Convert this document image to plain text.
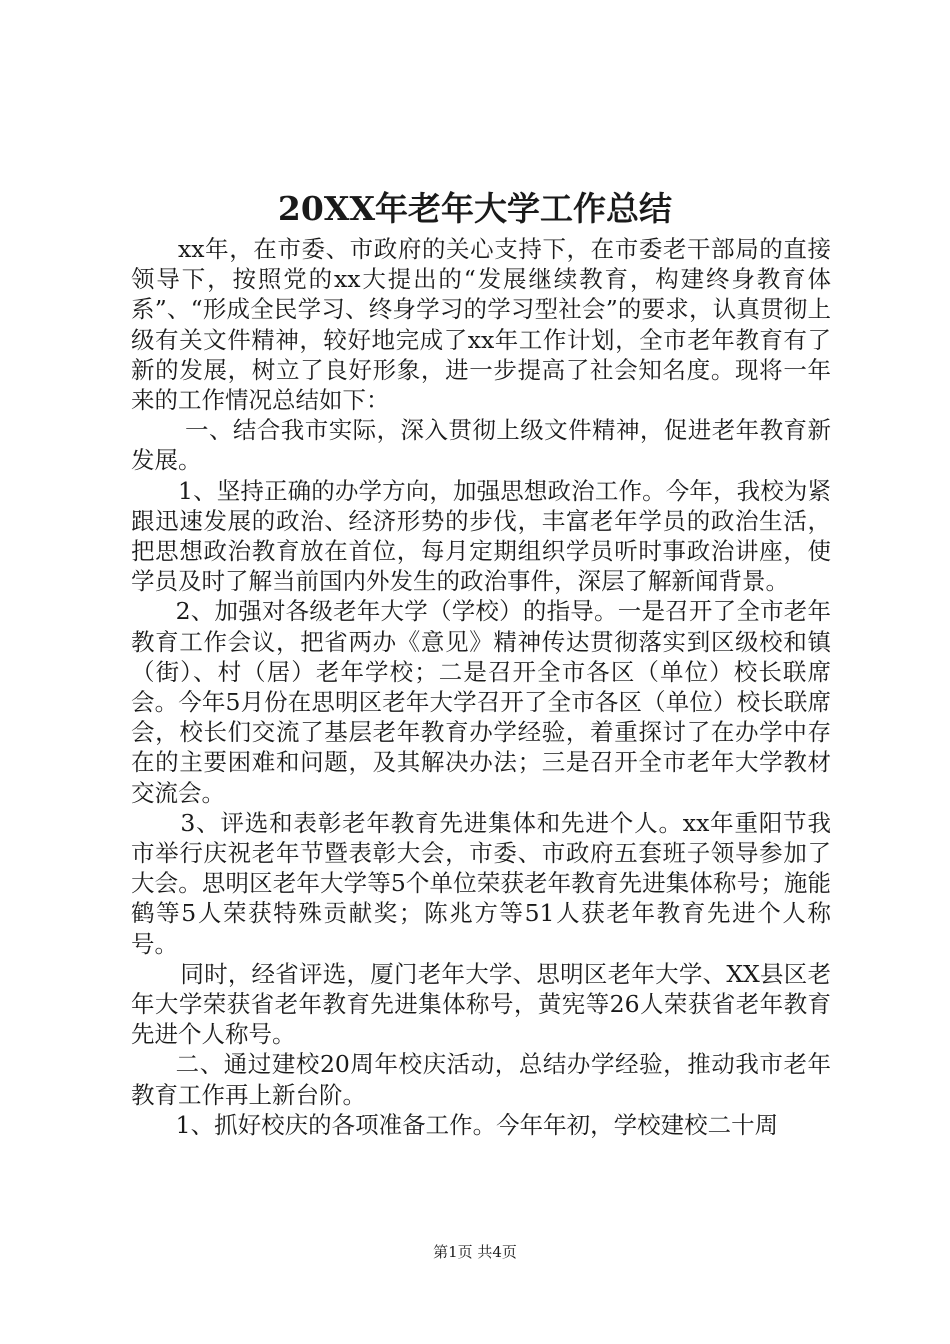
20XX年老年大学工作总结

xx年，在市委、市政府的关心支持下，在市委老干部局的直接领导下，按照党的xx大提出的“发展继续教育，构建终身教育体系”、“形成全民学习、终身学习的学习型社会”的要求，认真贯彻上级有关文件精神，较好地完成了xx年工作计划，全市老年教育有了新的发展，树立了良好形象，进一步提高了社会知名度。现将一年来的工作情况总结如下：

一、结合我市实际，深入贯彻上级文件精神，促进老年教育新发展。

1、坚持正确的办学方向，加强思想政治工作。今年，我校为紧跟迅速发展的政治、经济形势的步伐，丰富老年学员的政治生活，把思想政治教育放在首位，每月定期组织学员听时事政治讲座，使学员及时了解当前国内外发生的政治事件，深层了解新闻背景。

2、加强对各级老年大学（学校）的指导。一是召开了全市老年教育工作会议，把省两办《意见》精神传达贯彻落实到区级校和镇（街）、村（居）老年学校；二是召开全市各区（单位）校长联席会。今年5月份在思明区老年大学召开了全市各区（单位）校长联席会，校长们交流了基层老年教育办学经验，着重探讨了在办学中存在的主要困难和问题，及其解决办法；三是召开全市老年大学教材交流会。

3、评选和表彰老年教育先进集体和先进个人。xx年重阳节我市举行庆祝老年节暨表彰大会，市委、市政府五套班子领导参加了大会。思明区老年大学等5个单位荣获老年教育先进集体称号；施能鹤等5人荣获特殊贡献奖；陈兆方等51人获老年教育先进个人称号。

同时，经省评选，厦门老年大学、思明区老年大学、XX县区老年大学荣获省老年教育先进集体称号，黄宪等26人荣获省老年教育先进个人称号。

二、通过建校20周年校庆活动，总结办学经验，推动我市老年教育工作再上新台阶。

1、抓好校庆的各项准备工作。今年年初，学校建校二十周

第1页 共4页
